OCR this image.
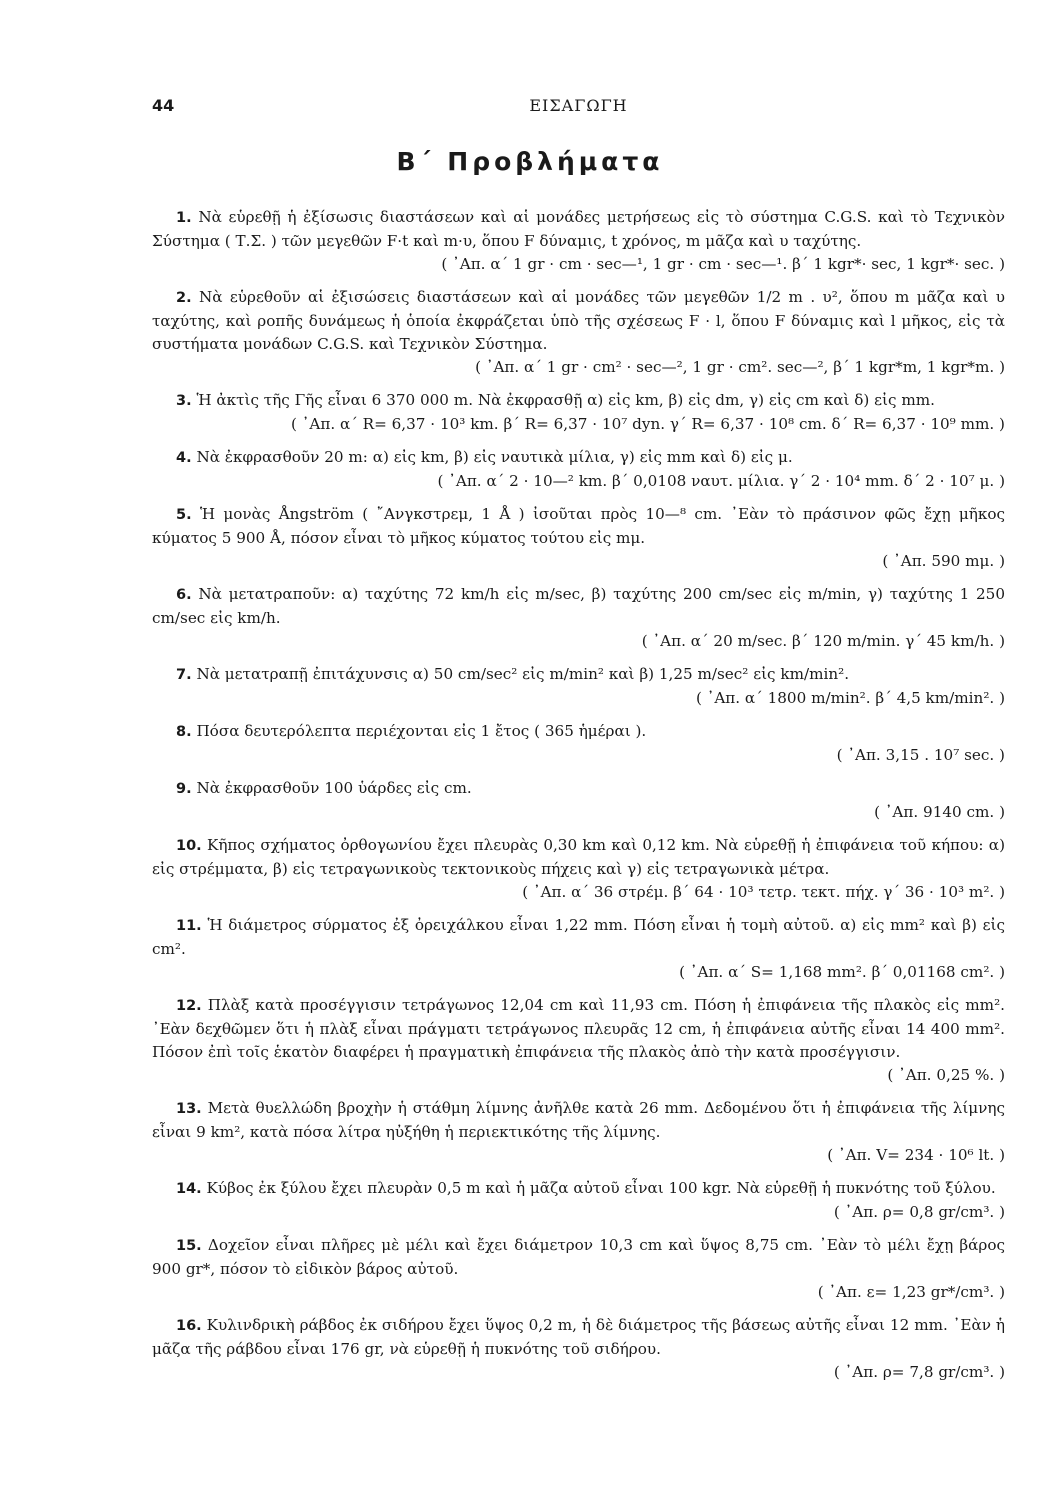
44	ΕΙΣΑΓΩΓΗ
Β΄ Προβλήματα

1. Νὰ εὑρεθῇ ἡ ἐξίσωσις διαστάσεων καὶ αἱ μονάδες μετρήσεως εἰς τὸ σύστημα C.G.S. καὶ τὸ Τεχνικὸν Σύστημα ( Τ.Σ. ) τῶν μεγεθῶν F·t καὶ m·υ, ὅπου F δύναμις, t χρόνος, m μᾶζα καὶ υ ταχύτης.
( ᾽Απ. α΄ 1 gr · cm · sec—¹, 1 gr · cm · sec—¹. β΄ 1 kgr*· sec, 1 kgr*· sec. )

2. Νὰ εὑρεθοῦν αἱ ἐξισώσεις διαστάσεων καὶ αἱ μονάδες τῶν μεγεθῶν 1/2 m . υ², ὅπου m μᾶζα καὶ υ ταχύτης, καὶ ροπῆς δυνάμεως ἡ ὁποία ἐκφράζεται ὑπὸ τῆς σχέσεως F · l, ὅπου F δύναμις καὶ l μῆκος, εἰς τὰ συστήματα μονάδων C.G.S. καὶ Τεχνικὸν Σύστημα.
( ᾽Απ. α΄ 1 gr · cm² · sec—², 1 gr · cm². sec—², β΄ 1 kgr*m, 1 kgr*m. )

3. Ἡ ἀκτὶς τῆς Γῆς εἶναι 6 370 000 m. Νὰ ἐκφρασθῇ α) εἰς km, β) εἰς dm, γ) εἰς cm καὶ δ) εἰς mm.
( ᾽Απ. α΄ R= 6,37 · 10³ km. β΄ R= 6,37 · 10⁷ dyn. γ΄ R= 6,37 · 10⁸ cm. δ΄ R= 6,37 · 10⁹ mm. )

4. Νὰ ἐκφρασθοῦν 20 m: α) εἰς km, β) εἰς ναυτικὰ μίλια, γ) εἰς mm καὶ δ) εἰς μ.
( ᾽Απ. α΄ 2 · 10—² km. β΄ 0,0108 ναυτ. μίλια. γ΄ 2 · 10⁴ mm. δ΄ 2 · 10⁷ μ. )

5. Ἡ μονὰς Ångström ( ῎Ανγκστρεμ, 1 Å ) ἰσοῦται πρὸς 10—⁸ cm. ᾽Εὰν τὸ πράσινον φῶς ἔχῃ μῆκος κύματος 5 900 Å, πόσον εἶναι τὸ μῆκος κύματος τούτου εἰς mμ.
( ᾽Απ. 590 mμ. )

6. Νὰ μετατραποῦν: α) ταχύτης 72 km/h εἰς m/sec, β) ταχύτης 200 cm/sec εἰς m/min, γ) ταχύτης 1 250 cm/sec εἰς km/h.
( ᾽Απ. α΄ 20 m/sec. β΄ 120 m/min. γ΄ 45 km/h. )

7. Νὰ μετατραπῇ ἐπιτάχυνσις α) 50 cm/sec² εἰς m/min² καὶ β) 1,25 m/sec² εἰς km/min².
( ᾽Απ. α΄ 1800 m/min². β΄ 4,5 km/min². )

8. Πόσα δευτερόλεπτα περιέχονται εἰς 1 ἔτος ( 365 ἡμέραι ).
( ᾽Απ. 3,15 . 10⁷ sec. )

9. Νὰ ἐκφρασθοῦν 100 ὑάρδες εἰς cm.
( ᾽Απ. 9140 cm. )

10. Κῆπος σχήματος ὀρθογωνίου ἔχει πλευρὰς 0,30 km καὶ 0,12 km. Νὰ εὑρεθῇ ἡ ἐπιφάνεια τοῦ κήπου: α) εἰς στρέμματα, β) εἰς τετραγωνικοὺς τεκτονικοὺς πήχεις καὶ γ) εἰς τετραγωνικὰ μέτρα.
( ᾽Απ. α΄ 36 στρέμ. β΄ 64 · 10³ τετρ. τεκτ. πήχ. γ΄ 36 · 10³ m². )

11. Ἡ διάμετρος σύρματος ἐξ ὀρειχάλκου εἶναι 1,22 mm. Πόση εἶναι ἡ τομὴ αὐτοῦ. α) εἰς mm² καὶ β) εἰς cm².
( ᾽Απ. α΄ S= 1,168 mm². β΄ 0,01168 cm². )

12. Πλὰξ κατὰ προσέγγισιν τετράγωνος 12,04 cm καὶ 11,93 cm. Πόση ἡ ἐπιφάνεια τῆς πλακὸς εἰς mm². ᾽Εὰν δεχθῶμεν ὅτι ἡ πλὰξ εἶναι πράγματι τετράγωνος πλευρᾶς 12 cm, ἡ ἐπιφάνεια αὐτῆς εἶναι 14 400 mm². Πόσον ἐπὶ τοῖς ἑκατὸν διαφέρει ἡ πραγματικὴ ἐπιφάνεια τῆς πλακὸς ἀπὸ τὴν κατὰ προσέγγισιν.
( ᾽Απ. 0,25 %. )

13. Μετὰ θυελλώδη βροχὴν ἡ στάθμη λίμνης ἀνῆλθε κατὰ 26 mm. Δεδομένου ὅτι ἡ ἐπιφάνεια τῆς λίμνης εἶναι 9 km², κατὰ πόσα λίτρα ηὐξήθη ἡ περιεκτικότης τῆς λίμνης.
( ᾽Απ. V= 234 · 10⁶ lt. )

14. Κύβος ἐκ ξύλου ἔχει πλευρὰν 0,5 m καὶ ἡ μᾶζα αὐτοῦ εἶναι 100 kgr. Νὰ εὑρεθῇ ἡ πυκνότης τοῦ ξύλου.
( ᾽Απ. ρ= 0,8 gr/cm³. )

15. Δοχεῖον εἶναι πλῆρες μὲ μέλι καὶ ἔχει διάμετρον 10,3 cm καὶ ὕψος 8,75 cm. ᾽Εὰν τὸ μέλι ἔχῃ βάρος 900 gr*, πόσον τὸ εἰδικὸν βάρος αὐτοῦ.
( ᾽Απ. ε= 1,23 gr*/cm³. )

16. Κυλινδρικὴ ράβδος ἐκ σιδήρου ἔχει ὕψος 0,2 m, ἡ δὲ διάμετρος τῆς βάσεως αὐτῆς εἶναι 12 mm. ᾽Εὰν ἡ μᾶζα τῆς ράβδου εἶναι 176 gr, νὰ εὑρεθῇ ἡ πυκνότης τοῦ σιδήρου.
( ᾽Απ. ρ= 7,8 gr/cm³. )
